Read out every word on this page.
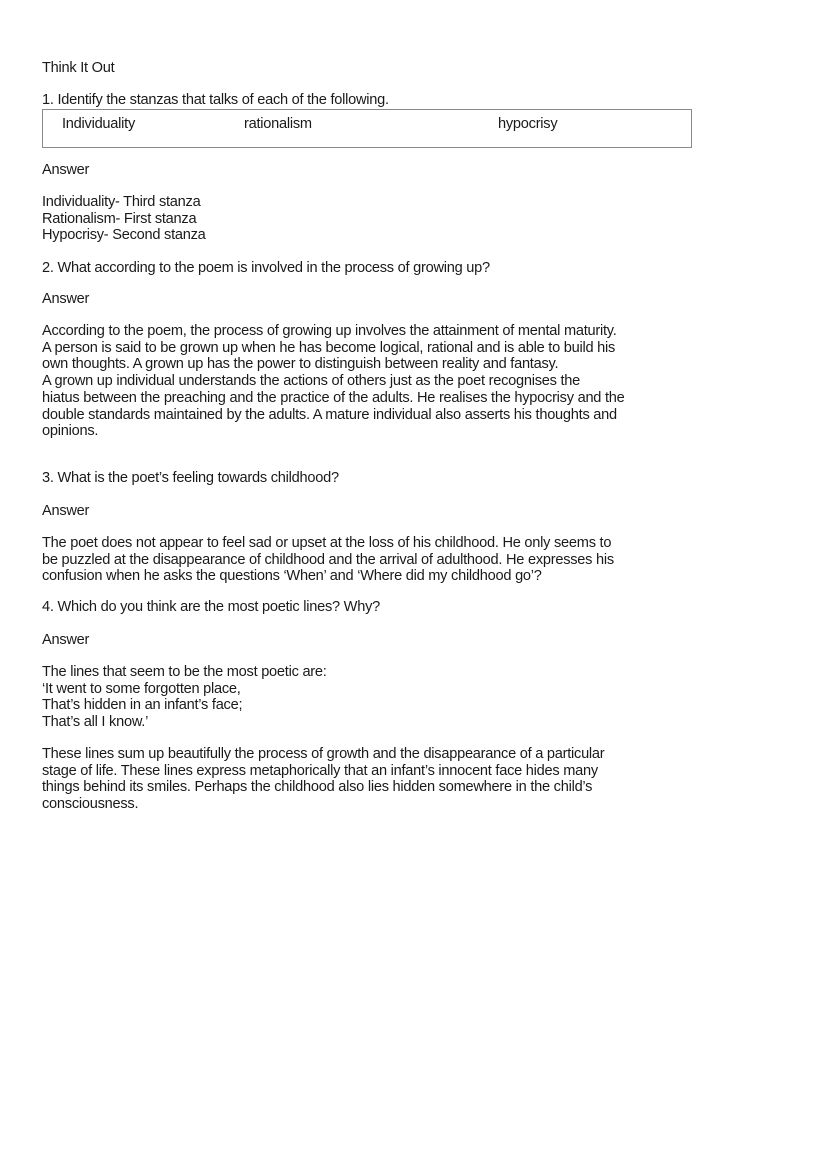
Think It Out
1. Identify the stanzas that talks of each of the following.
Individuality	rationalism	hypocrisy
Answer
Individuality- Third stanza
Rationalism- First stanza
Hypocrisy- Second stanza
2. What according to the poem is involved in the process of growing up?
Answer
According to the poem, the process of growing up involves the attainment of mental maturity.
A person is said to be grown up when he has become logical, rational and is able to build his
own thoughts. A grown up has the power to distinguish between reality and fantasy.
A grown up individual understands the actions of others just as the poet recognises the
hiatus between the preaching and the practice of the adults. He realises the hypocrisy and the
double standards maintained by the adults. A mature individual also asserts his thoughts and
opinions.
3. What is the poet’s feeling towards childhood?
Answer
The poet does not appear to feel sad or upset at the loss of his childhood. He only seems to
be puzzled at the disappearance of childhood and the arrival of adulthood. He expresses his
confusion when he asks the questions ‘When’ and ‘Where did my childhood go’?
4. Which do you think are the most poetic lines? Why?
Answer
The lines that seem to be the most poetic are:
‘It went to some forgotten place,
That’s hidden in an infant’s face;
That’s all I know.’
These lines sum up beautifully the process of growth and the disappearance of a particular
stage of life. These lines express metaphorically that an infant’s innocent face hides many
things behind its smiles. Perhaps the childhood also lies hidden somewhere in the child’s
consciousness.
